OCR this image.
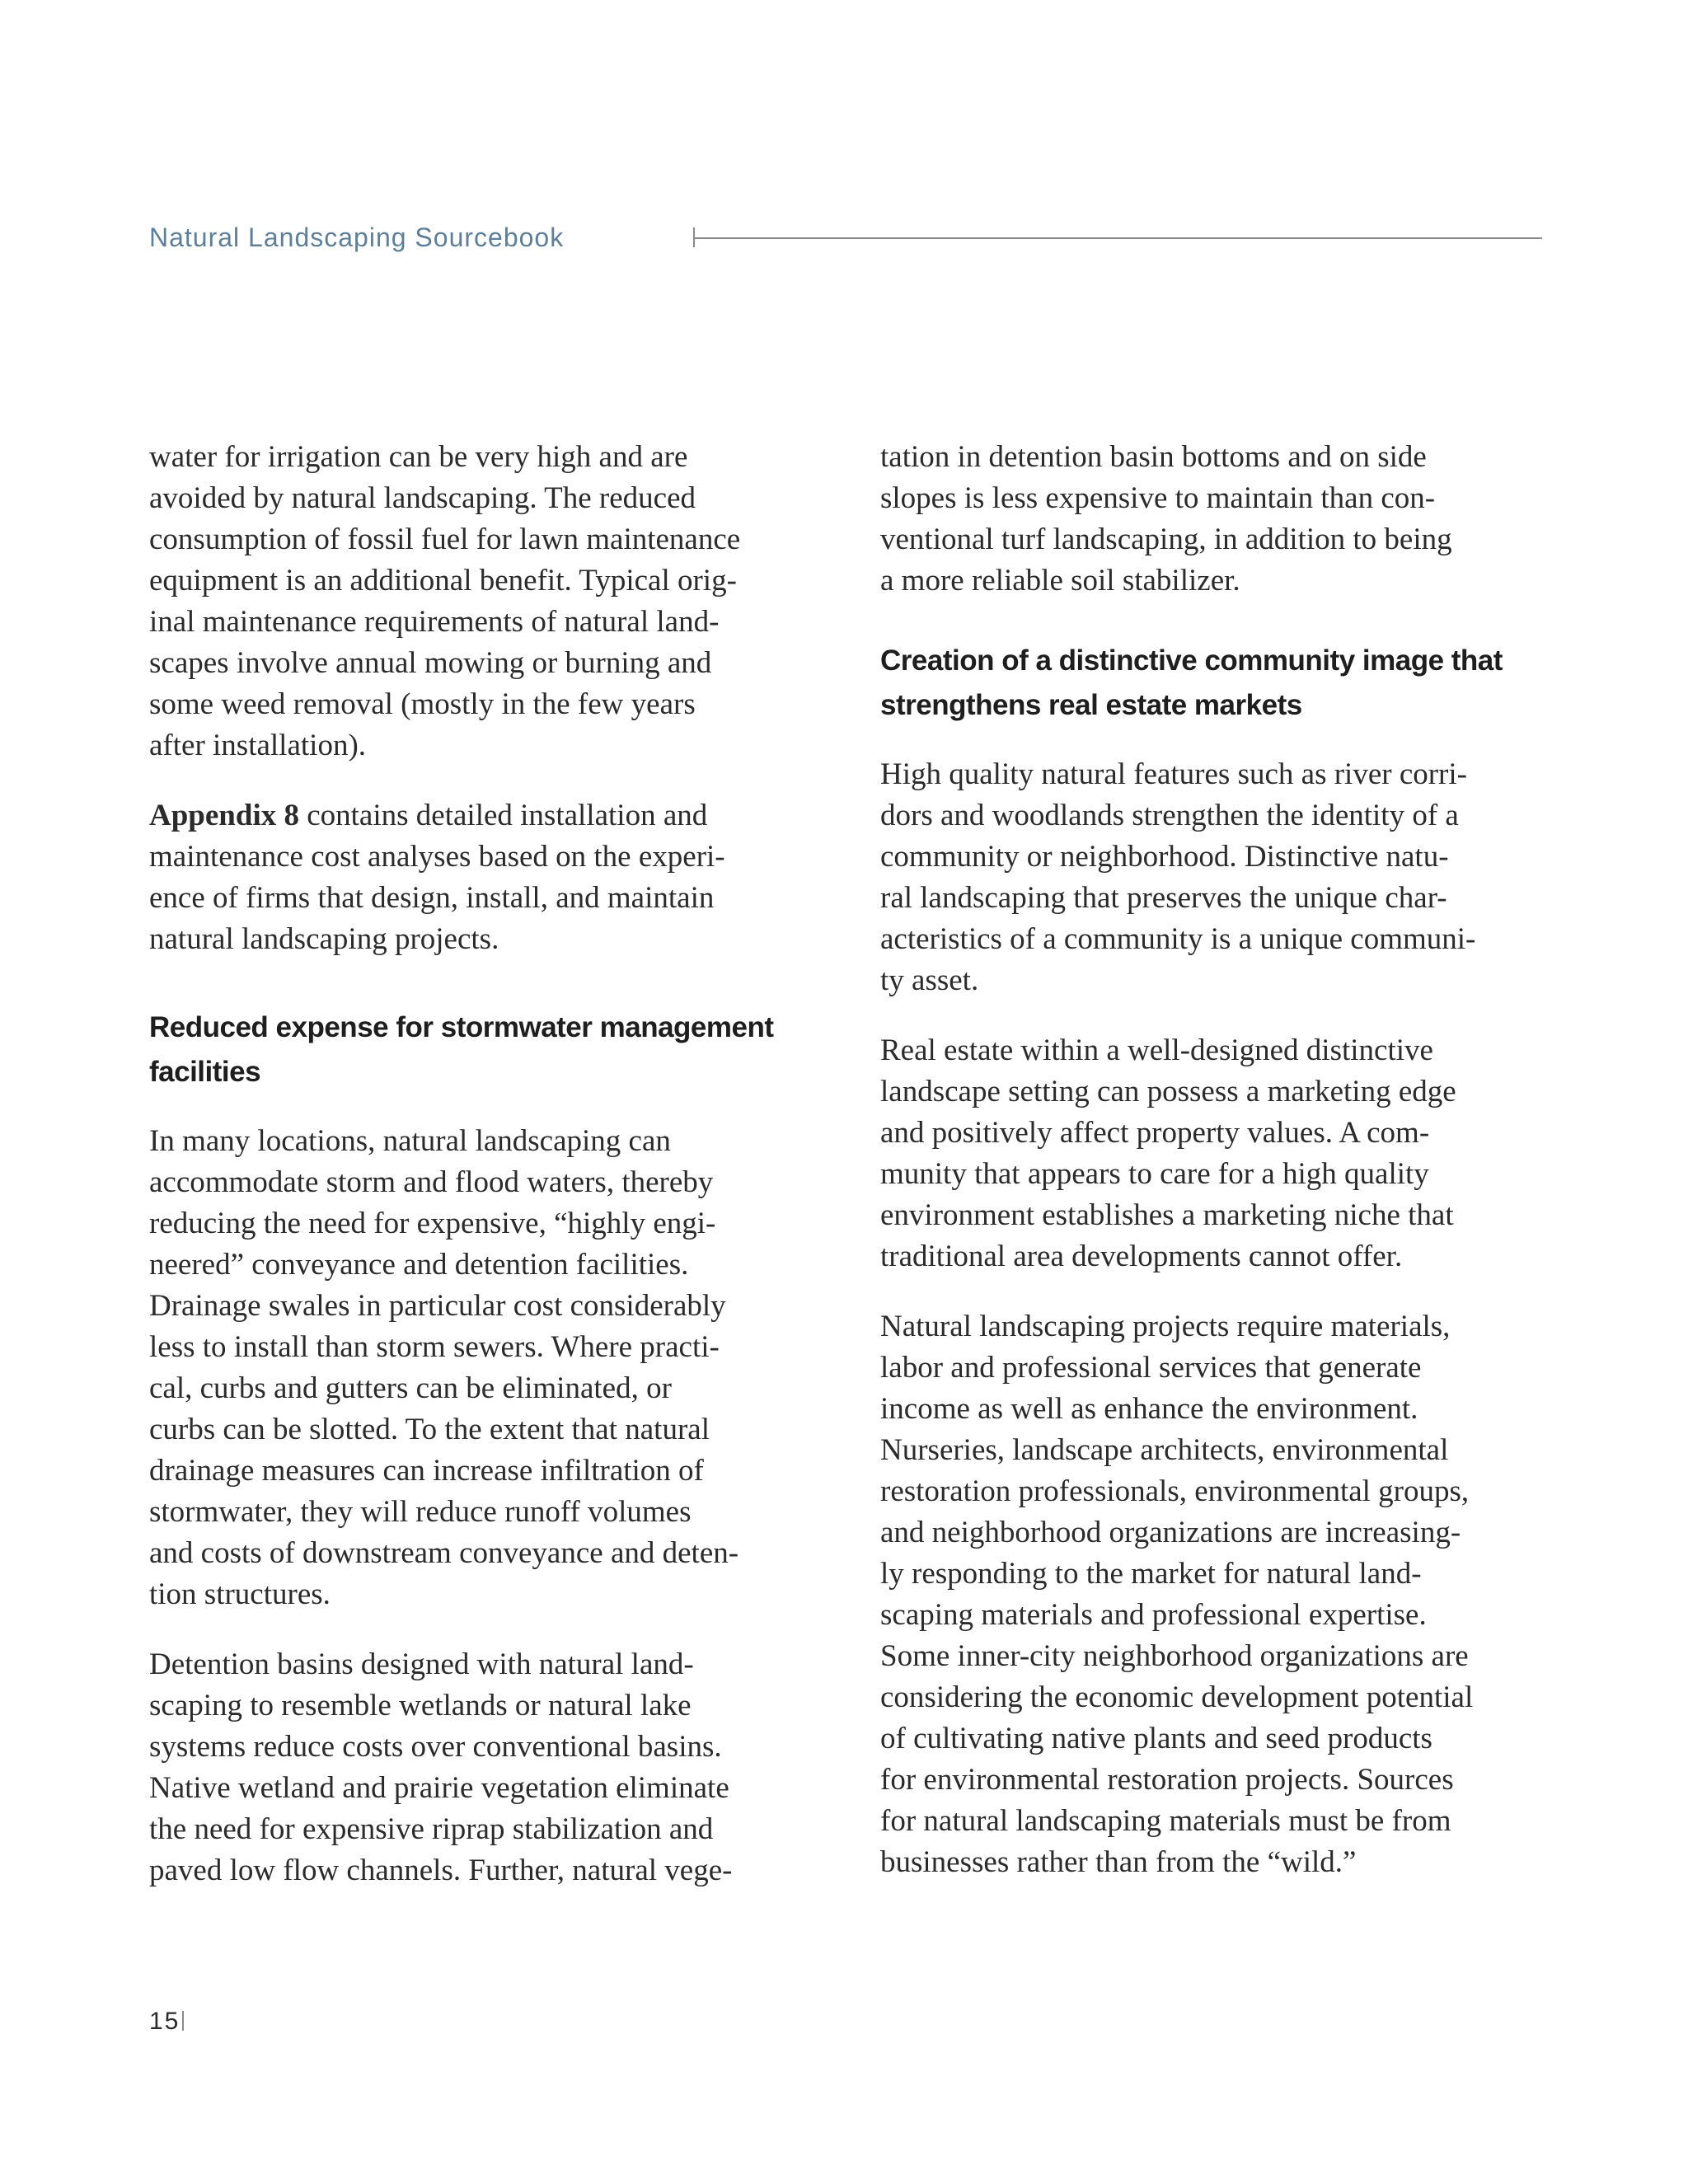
Natural Landscaping Sourcebook

water for irrigation can be very high and are
avoided by natural landscaping. The reduced
consumption of fossil fuel for lawn maintenance
equipment is an additional benefit. Typical orig-
inal maintenance requirements of natural land-
scapes involve annual mowing or burning and
some weed removal (mostly in the few years
after installation).

Appendix 8 contains detailed installation and
maintenance cost analyses based on the experi-
ence of firms that design, install, and maintain
natural landscaping projects.

Reduced expense for stormwater management
facilities

In many locations, natural landscaping can
accommodate storm and flood waters, thereby
reducing the need for expensive, “highly engi-
neered” conveyance and detention facilities.
Drainage swales in particular cost considerably
less to install than storm sewers. Where practi-
cal, curbs and gutters can be eliminated, or
curbs can be slotted. To the extent that natural
drainage measures can increase infiltration of
stormwater, they will reduce runoff volumes
and costs of downstream conveyance and deten-
tion structures.

Detention basins designed with natural land-
scaping to resemble wetlands or natural lake
systems reduce costs over conventional basins.
Native wetland and prairie vegetation eliminate
the need for expensive riprap stabilization and
paved low flow channels. Further, natural vege-

tation in detention basin bottoms and on side
slopes is less expensive to maintain than con-
ventional turf landscaping, in addition to being
a more reliable soil stabilizer.

Creation of a distinctive community image that
strengthens real estate markets

High quality natural features such as river corri-
dors and woodlands strengthen the identity of a
community or neighborhood. Distinctive natu-
ral landscaping that preserves the unique char-
acteristics of a community is a unique communi-
ty asset.

Real estate within a well-designed distinctive
landscape setting can possess a marketing edge
and positively affect property values. A com-
munity that appears to care for a high quality
environment establishes a marketing niche that
traditional area developments cannot offer.

Natural landscaping projects require materials,
labor and professional services that generate
income as well as enhance the environment.
Nurseries, landscape architects, environmental
restoration professionals, environmental groups,
and neighborhood organizations are increasing-
ly responding to the market for natural land-
scaping materials and professional expertise.
Some inner-city neighborhood organizations are
considering the economic development potential
of cultivating native plants and seed products
for environmental restoration projects. Sources
for natural landscaping materials must be from
businesses rather than from the “wild.”

15
